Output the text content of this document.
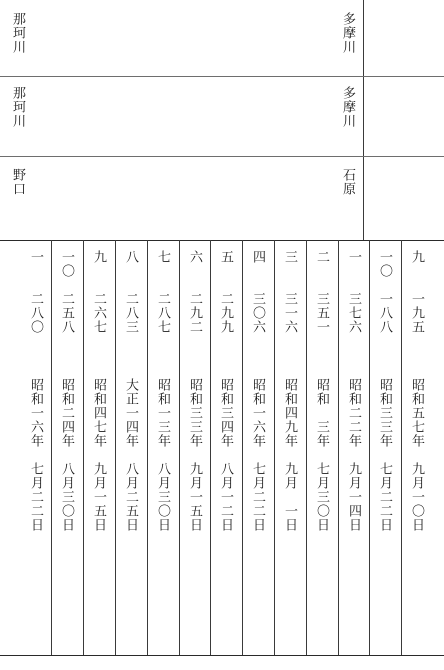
多摩川
那珂川
多摩川
那珂川
石原
野口
九
一九五
昭和五七年　九月一〇日
一〇
一八八
昭和三三年　七月二二日
一
三七六
昭和二二年　九月一四日
二
三五一
昭和　三年　七月三〇日
三
三一六
昭和四九年　九月　一日
四
三〇六
昭和一六年　七月二二日
五
二九九
昭和三四年　八月一二日
六
二九二
昭和三三年　九月一五日
七
二八七
昭和一三年　八月三〇日
八
二八三
大正一四年　八月二五日
九
二六七
昭和四七年　九月一五日
一〇
二五八
昭和二四年　八月三〇日
一
二八〇
昭和一六年　七月二二日
